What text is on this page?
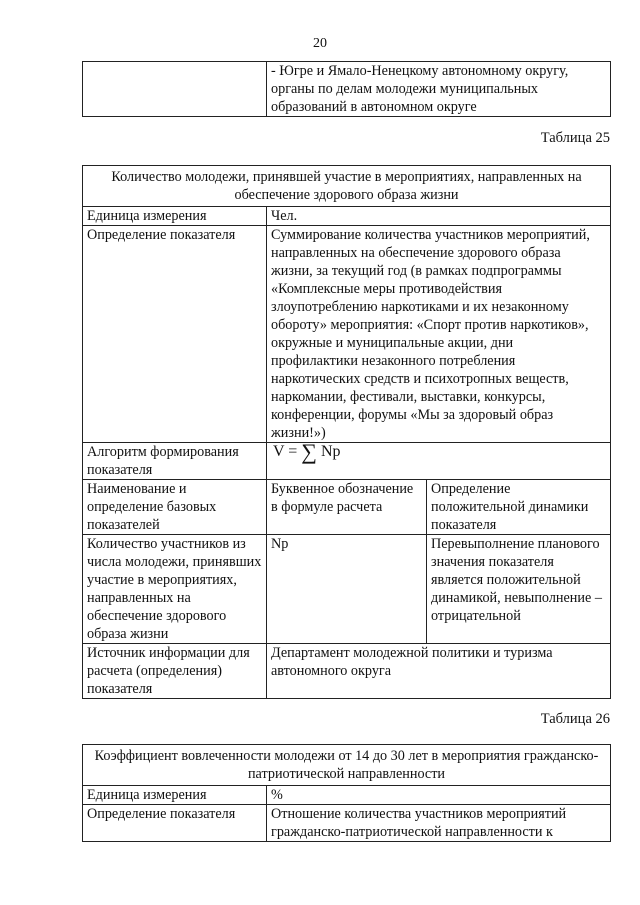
20
	- Югре и Ямало-Ненецкому автономному округу, органы по делам молодежи муниципальных образований в автономном округе
Таблица 25
Количество молодежи, принявшей участие в мероприятиях, направленных на обеспечение здорового образа жизни		
Единица измерения	Чел.	
Определение показателя	Суммирование количества участников мероприятий, направленных на обеспечение здорового образа жизни, за текущий год (в рамках подпрограммы «Комплексные меры противодействия злоупотреблению наркотиками и их незаконному обороту» мероприятия: «Спорт против наркотиков», окружные и муниципальные акции, дни профилактики незаконного потребления наркотических средств и психотропных веществ, наркомании, фестивали, выставки, конкурсы, конференции, форумы «Мы за здоровый образ жизни!»)	
Алгоритм формирования показателя	V = ∑ Np	
Наименование и определение базовых показателей	Буквенное обозначение в формуле расчета	Определение положительной динамики показателя
Количество участников из числа молодежи, принявших участие в мероприятиях, направленных на обеспечение здорового образа жизни	Np	Перевыполнение планового значения показателя является положительной динамикой, невыполнение – отрицательной
Источник информации для расчета (определения) показателя	Департамент молодежной политики и туризма автономного округа	
Таблица 26
Коэффициент вовлеченности молодежи от 14 до 30 лет в мероприятия гражданско-патриотической направленности	
Единица измерения	%
Определение показателя	Отношение количества участников мероприятий гражданско-патриотической направленности к
